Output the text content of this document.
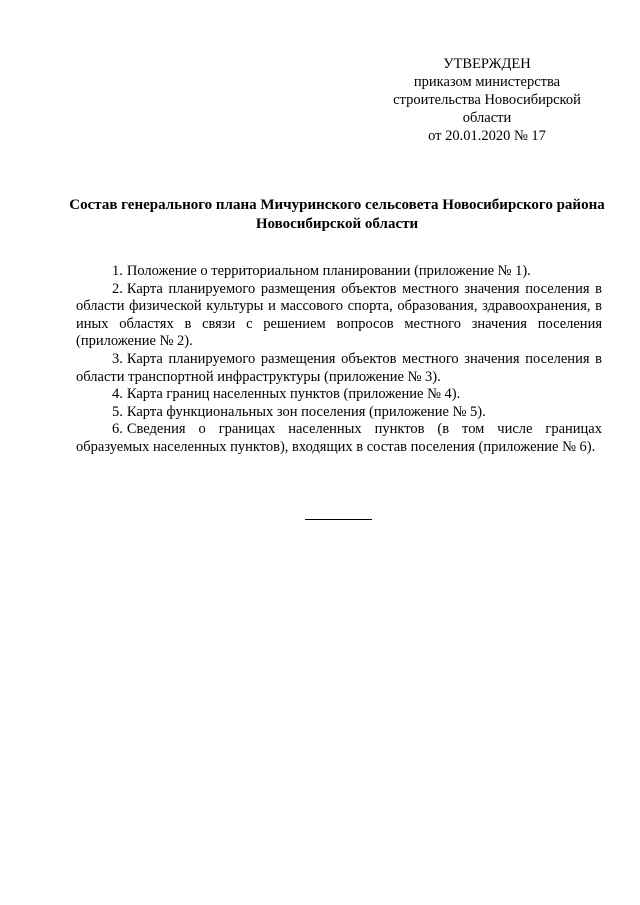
УТВЕРЖДЕН
приказом министерства
строительства Новосибирской
области
от 20.01.2020 № 17
Состав генерального плана Мичуринского сельсовета Новосибирского района Новосибирской области

1. Положение о территориальном планировании (приложение № 1).

2. Карта планируемого размещения объектов местного значения поселения в области физической культуры и массового спорта, образования, здравоохранения, в иных областях в связи с решением вопросов местного значения поселения (приложение № 2).

3. Карта планируемого размещения объектов местного значения поселения в области транспортной инфраструктуры (приложение № 3).

4. Карта границ населенных пунктов (приложение № 4).

5. Карта функциональных зон поселения (приложение № 5).

6. Сведения о границах населенных пунктов (в том числе границах образуемых населенных пунктов), входящих в состав поселения (приложение № 6).
